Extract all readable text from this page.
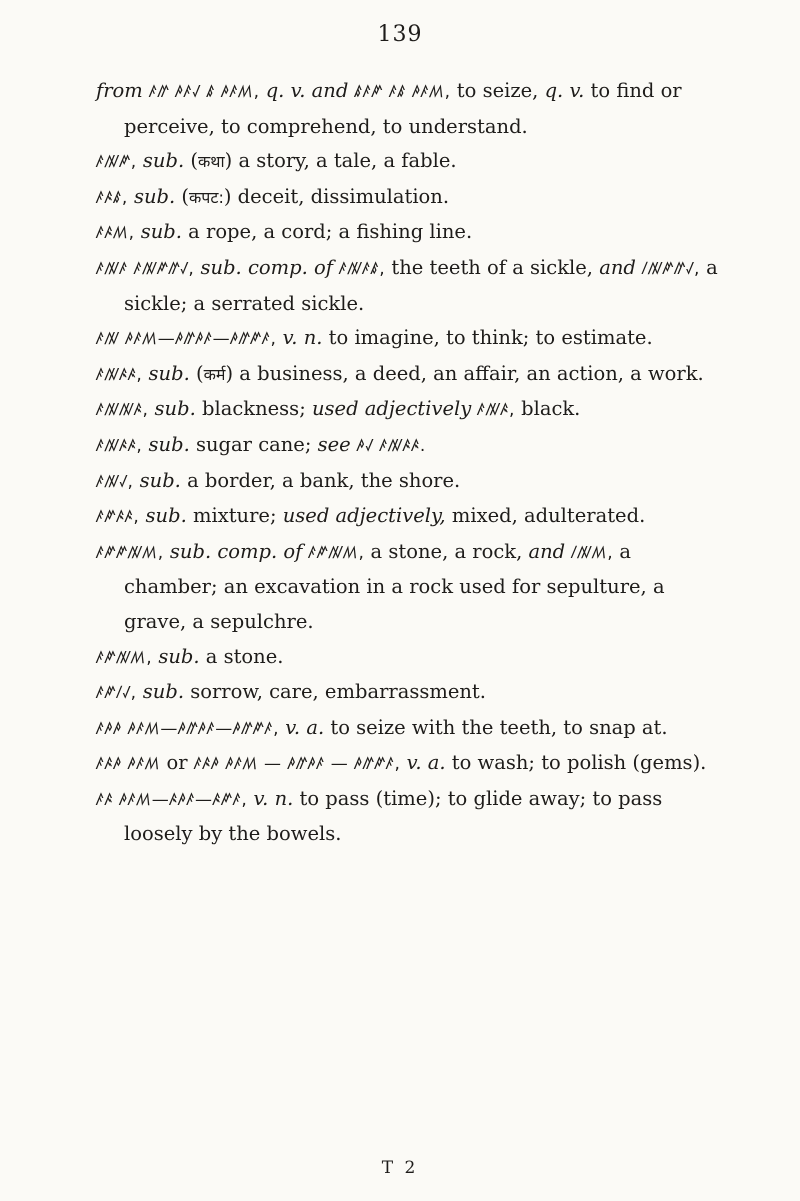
139

from ꤰꤼ ꤳꤰꤶ ꤹ ꤳꤰꤵ, q. v. and ꤹꤰꤺ ꤰꤹ ꤳꤰꤵ, to seize, q. v. to find or perceive, to comprehend, to understand.

ꤰꤲꤺ, sub. (कथा) a story, a tale, a fable.

ꤰꤴꤹ, sub. (कपट:) deceit, dissimulation.

ꤰꤴꤵ, sub. a rope, a cord; a fishing line.

ꤰꤲꤰ ꤰꤲꤺꤼꤶ, sub. comp. of ꤰꤲꤰꤹ, the teeth of a sickle, and ꤷꤲꤺꤼꤶ, a sickle; a serrated sickle.

ꤰꤲ ꤳꤰꤵ—ꤳꤼꤳꤰ—ꤳꤼꤺꤰ, v. n. to imagine, to think; to estimate.

ꤰꤲꤴꤴ, sub. (कर्म) a business, a deed, an affair, an action, a work.

ꤰꤲꤲꤴ, sub. blackness; used adjectively ꤰꤲꤴ, black.

ꤰꤲꤴꤴ, sub. sugar cane; see ꤳꤶ ꤰꤲꤴꤴ.

ꤰꤲꤶ, sub. a border, a bank, the shore.

ꤰꤺꤴꤴ, sub. mixture; used adjectively, mixed, adulterated.

ꤰꤺꤺꤲꤵ, sub. comp. of ꤰꤺꤲꤵ, a stone, a rock, and ꤷꤲꤵ, a chamber; an excavation in a rock used for sepulture, a grave, a sepulchre.

ꤰꤺꤲꤵ, sub. a stone.

ꤰꤺꤷꤶ, sub. sorrow, care, embarrassment.

ꤰꤳꤳ ꤳꤰꤵ—ꤳꤼꤳꤰ—ꤳꤼꤺꤰ, v. a. to seize with the teeth, to snap at.

ꤰꤴꤳ ꤳꤰꤵ or ꤰꤴꤳ ꤳꤰꤵ — ꤳꤼꤳꤰ — ꤳꤼꤺꤰ, v. a. to wash; to polish (gems).

ꤰꤴ ꤳꤰꤵ—ꤴꤳꤰ—ꤴꤺꤰ, v. n. to pass (time); to glide away; to pass loosely by the bowels.

T 2
